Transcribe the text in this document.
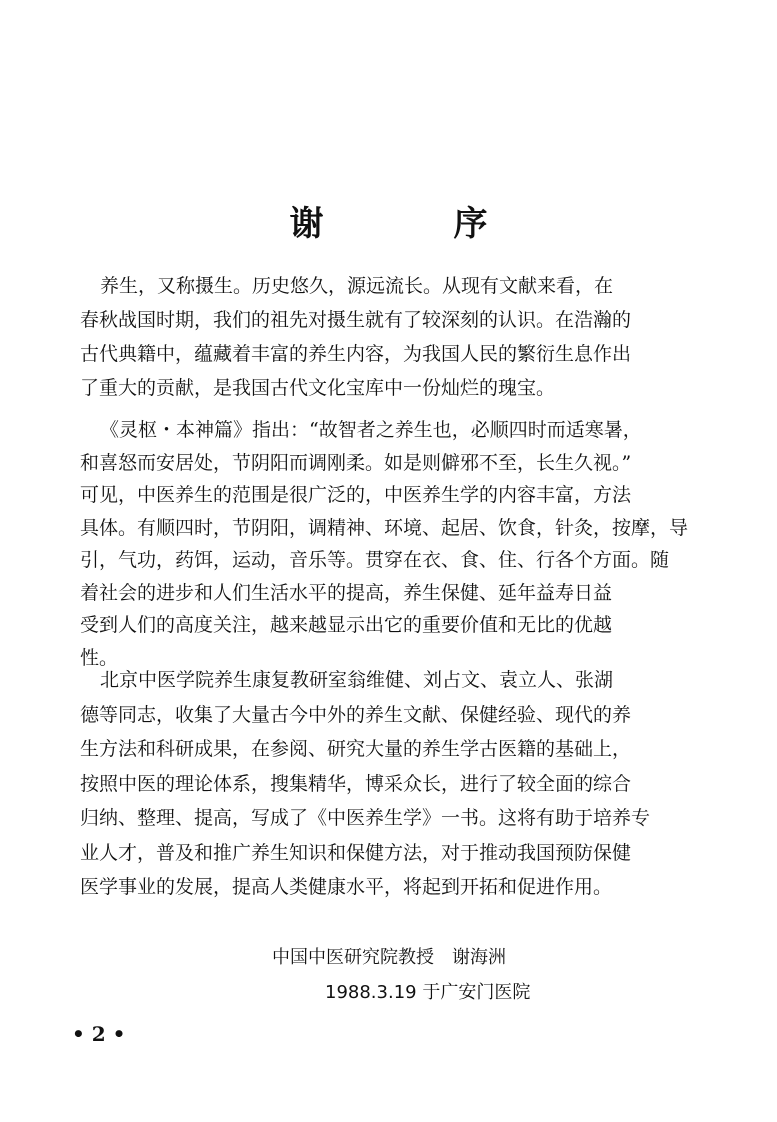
谢　序
养生，又称摄生。历史悠久，源远流长。从现有文献来看，在
春秋战国时期，我们的祖先对摄生就有了较深刻的认识。在浩瀚的
古代典籍中，蕴藏着丰富的养生内容，为我国人民的繁衍生息作出
了重大的贡献，是我国古代文化宝库中一份灿烂的瑰宝。
《灵枢・本神篇》指出：“故智者之养生也，必顺四时而适寒暑，
和喜怒而安居处，节阴阳而调刚柔。如是则僻邪不至，长生久视。”
可见，中医养生的范围是很广泛的，中医养生学的内容丰富，方法
具体。有顺四时，节阴阳，调精神、环境、起居、饮食，针灸，按摩，导
引，气功，药饵，运动，音乐等。贯穿在衣、食、住、行各个方面。随
着社会的进步和人们生活水平的提高，养生保健、延年益寿日益
受到人们的高度关注，越来越显示出它的重要价值和无比的优越
性。
北京中医学院养生康复教研室翁维健、刘占文、袁立人、张湖
德等同志，收集了大量古今中外的养生文献、保健经验、现代的养
生方法和科研成果，在参阅、研究大量的养生学古医籍的基础上，
按照中医的理论体系，搜集精华，博采众长，进行了较全面的综合
归纳、整理、提高，写成了《中医养生学》一书。这将有助于培养专
业人才，普及和推广养生知识和保健方法，对于推动我国预防保健
医学事业的发展，提高人类健康水平，将起到开拓和促进作用。
中国中医研究院教授　谢海洲
1988.3.19 于广安门医院
• 2 •
